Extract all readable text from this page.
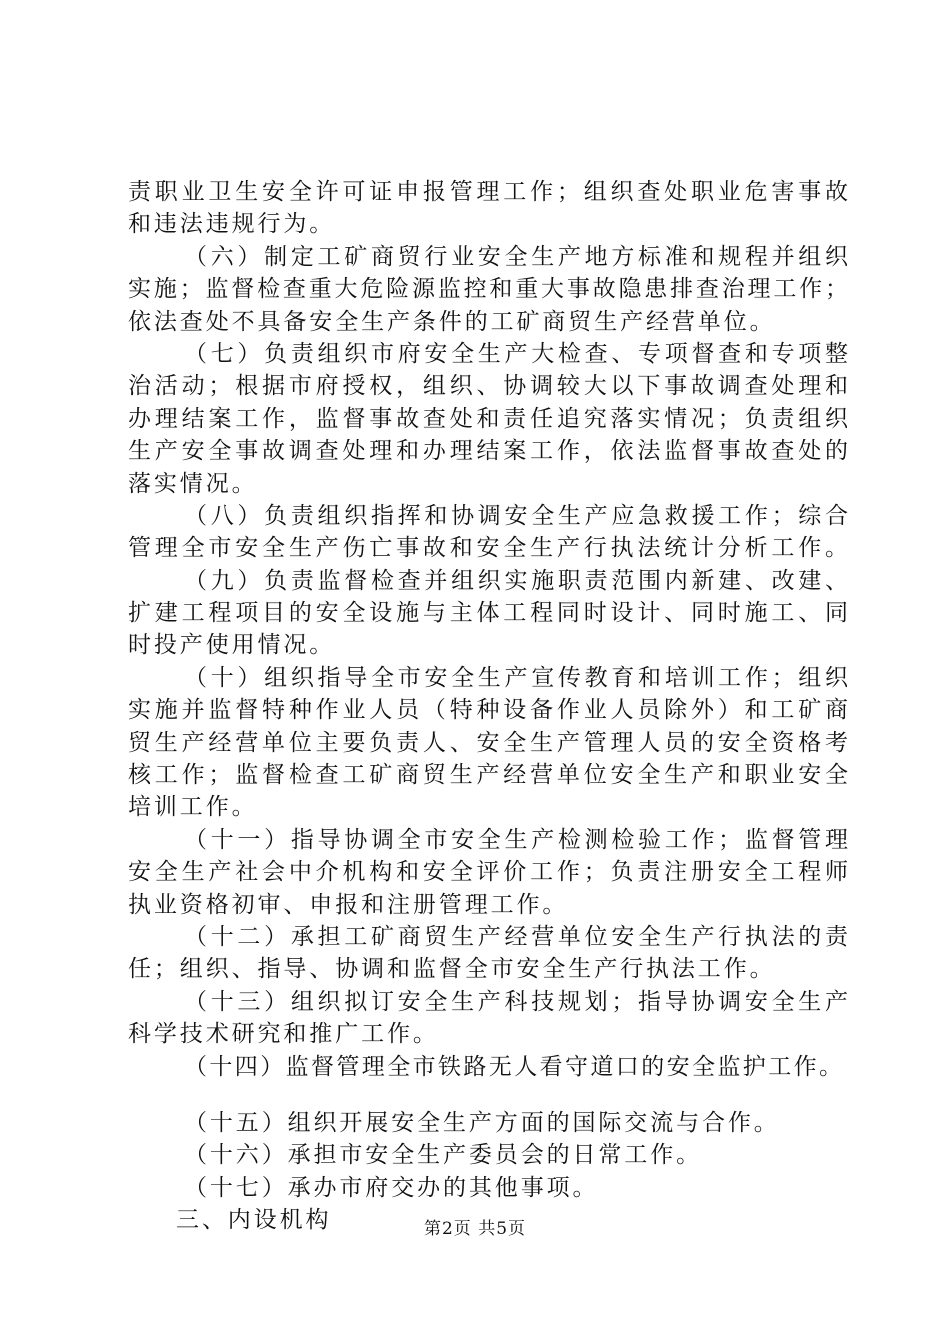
责职业卫生安全许可证申报管理工作；组织查处职业危害事故
和违法违规行为。
（六）制定工矿商贸行业安全生产地方标准和规程并组织
实施；监督检查重大危险源监控和重大事故隐患排查治理工作；
依法查处不具备安全生产条件的工矿商贸生产经营单位。
（七）负责组织市府安全生产大检查、专项督查和专项整
治活动；根据市府授权，组织、协调较大以下事故调查处理和
办理结案工作，监督事故查处和责任追究落实情况；负责组织
生产安全事故调查处理和办理结案工作，依法监督事故查处的
落实情况。
（八）负责组织指挥和协调安全生产应急救援工作；综合
管理全市安全生产伤亡事故和安全生产行执法统计分析工作。
（九）负责监督检查并组织实施职责范围内新建、改建、
扩建工程项目的安全设施与主体工程同时设计、同时施工、同
时投产使用情况。
（十）组织指导全市安全生产宣传教育和培训工作；组织
实施并监督特种作业人员（特种设备作业人员除外）和工矿商
贸生产经营单位主要负责人、安全生产管理人员的安全资格考
核工作；监督检查工矿商贸生产经营单位安全生产和职业安全
培训工作。
（十一）指导协调全市安全生产检测检验工作；监督管理
安全生产社会中介机构和安全评价工作；负责注册安全工程师
执业资格初审、申报和注册管理工作。
（十二）承担工矿商贸生产经营单位安全生产行执法的责
任；组织、指导、协调和监督全市安全生产行执法工作。
（十三）组织拟订安全生产科技规划；指导协调安全生产
科学技术研究和推广工作。
（十四）监督管理全市铁路无人看守道口的安全监护工作。
（十五）组织开展安全生产方面的国际交流与合作。
（十六）承担市安全生产委员会的日常工作。
（十七）承办市府交办的其他事项。
三、内设机构	第2页 共5页
